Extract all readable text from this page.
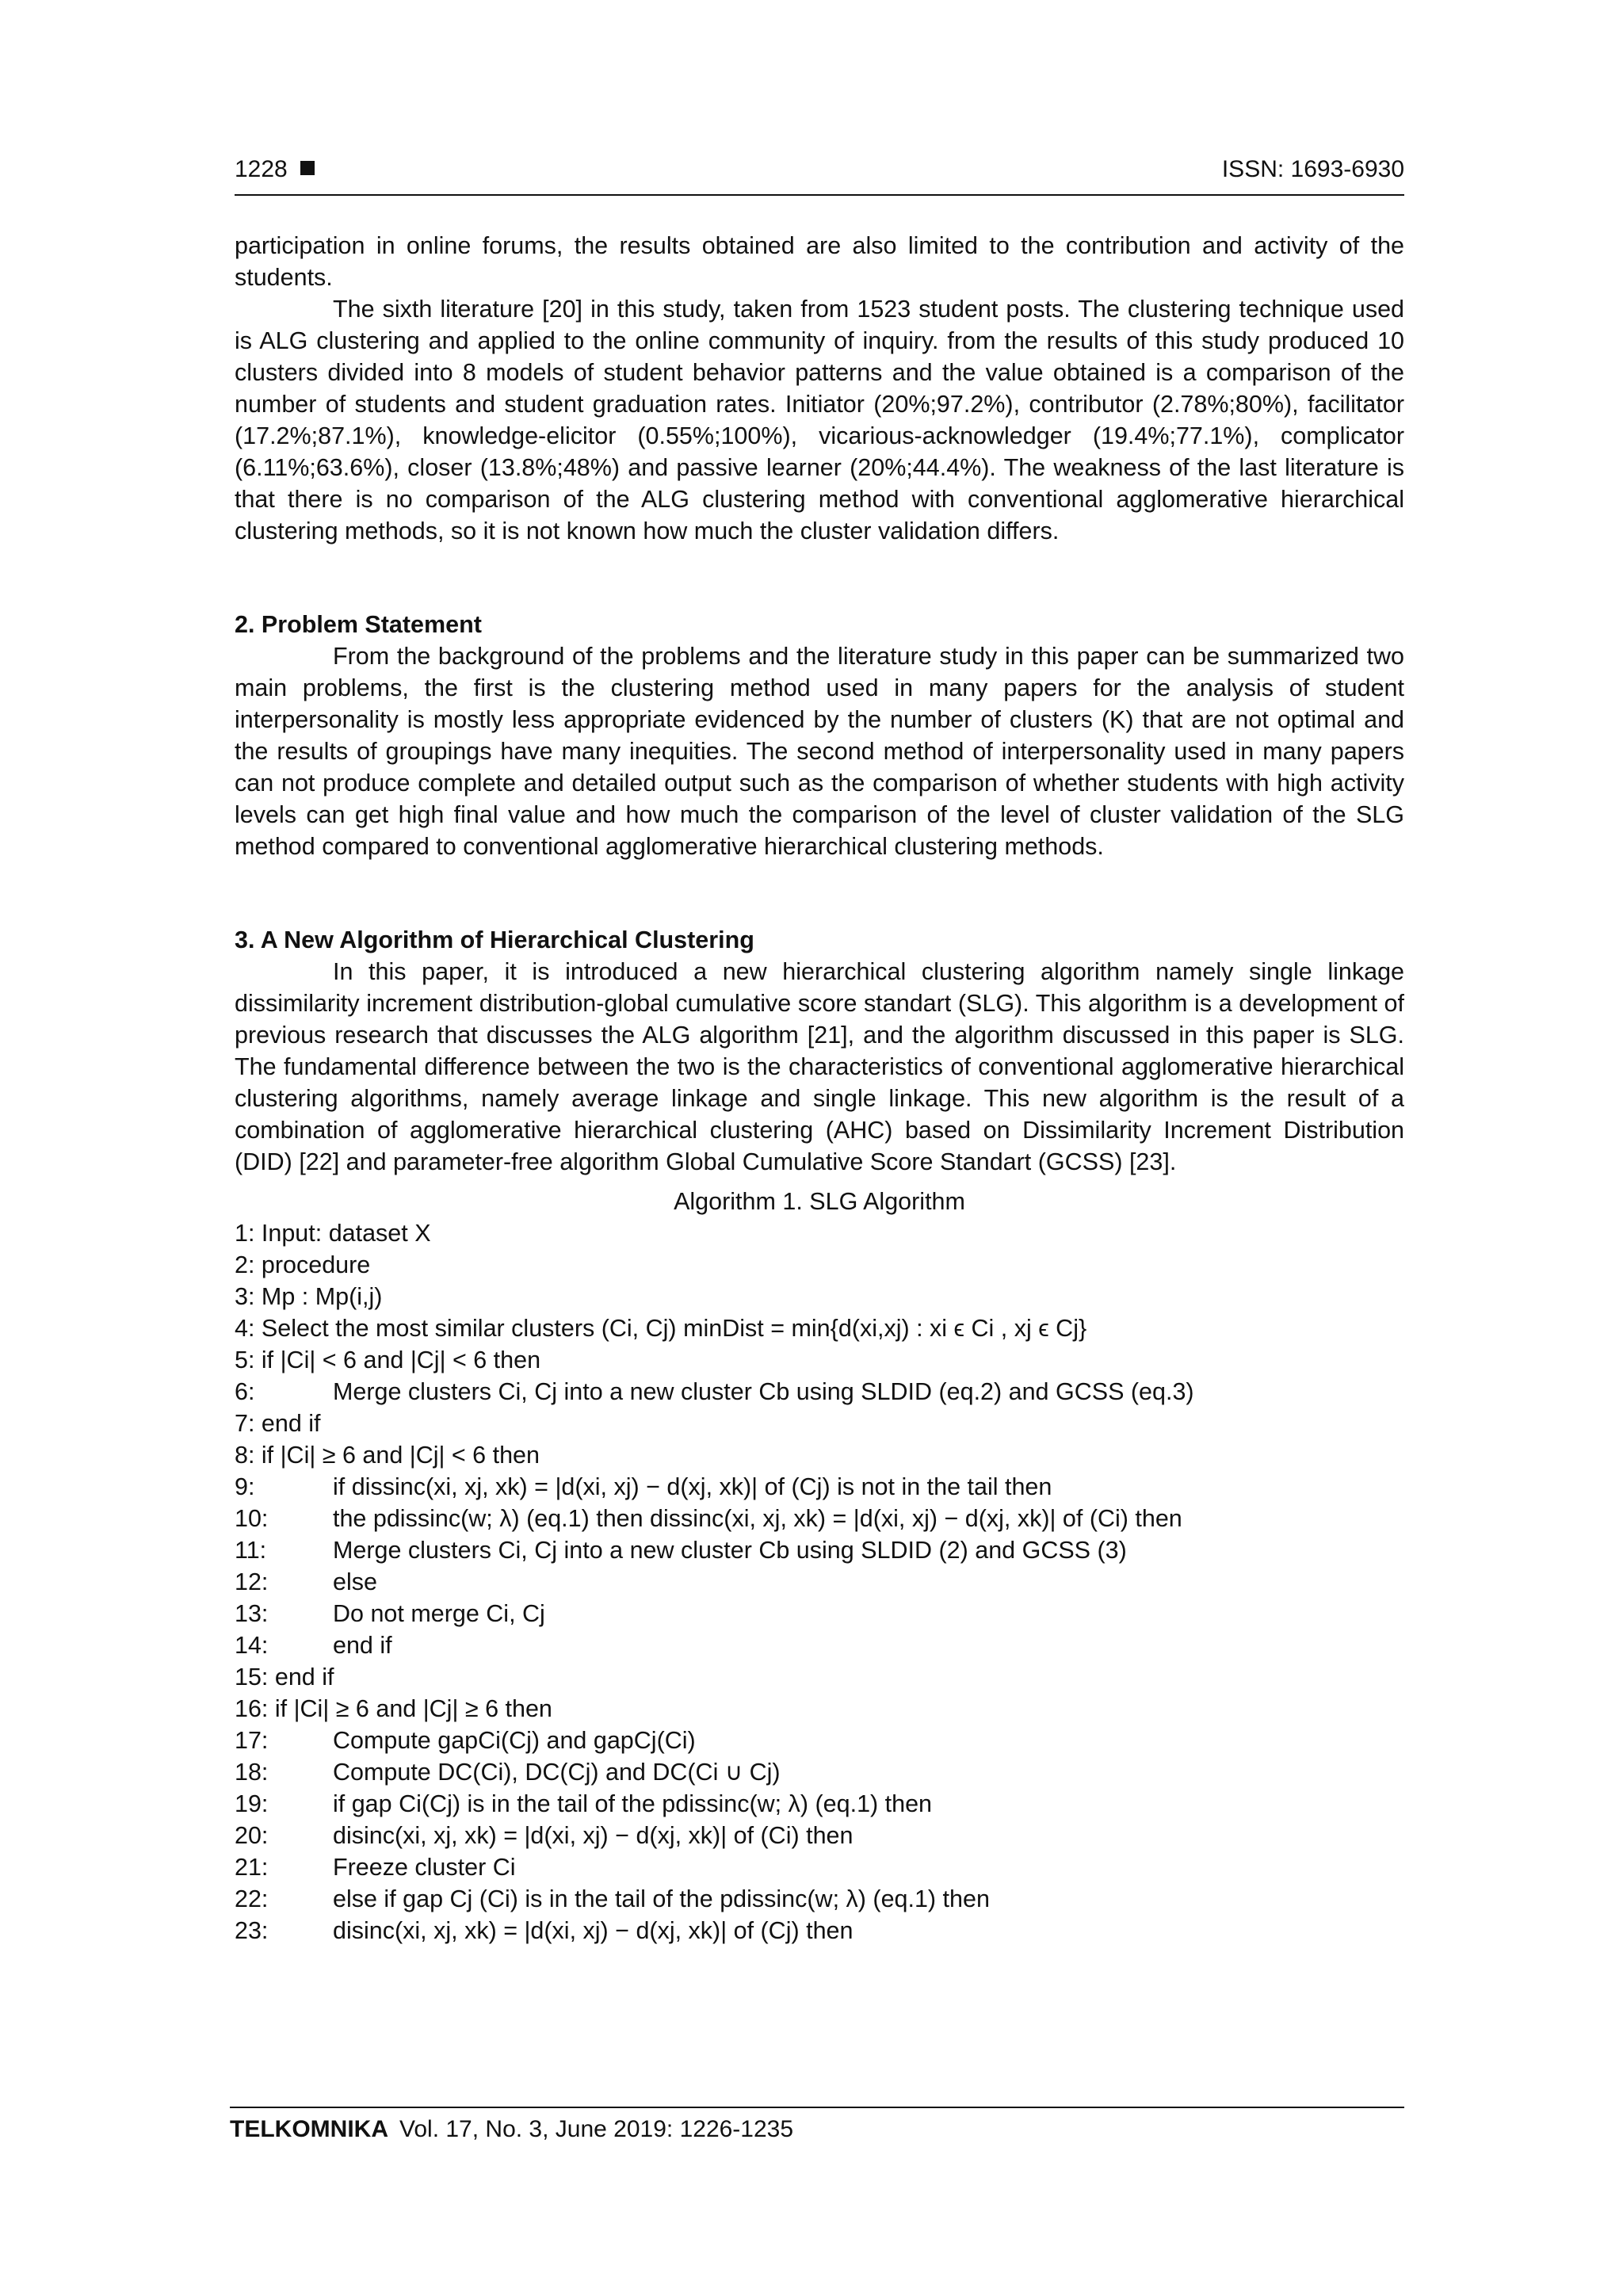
1228	ISSN: 1693-6930

participation in online forums, the results obtained are also limited to the contribution and activity of the students.

The sixth literature [20] in this study, taken from 1523 student posts. The clustering technique used is ALG clustering and applied to the online community of inquiry. from the results of this study produced 10 clusters divided into 8 models of student behavior patterns and the value obtained is a comparison of the number of students and student graduation rates. Initiator (20%;97.2%), contributor (2.78%;80%), facilitator (17.2%;87.1%), knowledge-elicitor (0.55%;100%), vicarious-acknowledger (19.4%;77.1%), complicator (6.11%;63.6%), closer (13.8%;48%) and passive learner (20%;44.4%). The weakness of the last literature is that there is no comparison of the ALG clustering method with conventional agglomerative hierarchical clustering methods, so it is not known how much the cluster validation differs.

2. Problem Statement

From the background of the problems and the literature study in this paper can be summarized two main problems, the first is the clustering method used in many papers for the analysis of student interpersonality is mostly less appropriate evidenced by the number of clusters (K) that are not optimal and the results of groupings have many inequities. The second method of interpersonality used in many papers can not produce complete and detailed output such as the comparison of whether students with high activity levels can get high final value and how much the comparison of the level of cluster validation of the SLG method compared to conventional agglomerative hierarchical clustering methods.

3. A New Algorithm of Hierarchical Clustering

In this paper, it is introduced a new hierarchical clustering algorithm namely single linkage dissimilarity increment distribution-global cumulative score standart (SLG). This algorithm is a development of previous research that discusses the ALG algorithm [21], and the algorithm discussed in this paper is SLG. The fundamental difference between the two is the characteristics of conventional agglomerative hierarchical clustering algorithms, namely average linkage and single linkage. This new algorithm is the result of a combination of agglomerative hierarchical clustering (AHC) based on Dissimilarity Increment Distribution (DID) [22] and parameter-free algorithm Global Cumulative Score Standart (GCSS) [23].

Algorithm 1. SLG Algorithm

1: Input: dataset X
2: procedure
3: Mp : Mp(i,j)
4: Select the most similar clusters (Ci, Cj) minDist = min{d(xi,xj) : xi ϵ Ci , xj ϵ Cj}
5: if |Ci| < 6 and |Cj| < 6 then
6:	Merge clusters Ci, Cj into a new cluster Cb using SLDID (eq.2) and GCSS (eq.3)
7: end if
8: if |Ci| ≥ 6 and |Cj| < 6 then
9:	if dissinc(xi, xj, xk) = |d(xi, xj) − d(xj, xk)| of (Cj) is not in the tail then
10:	the pdissinc(w; λ) (eq.1) then dissinc(xi, xj, xk) = |d(xi, xj) − d(xj, xk)| of (Ci) then
11:	Merge clusters Ci, Cj into a new cluster Cb using SLDID (2) and GCSS (3)
12:	else
13:	Do not merge Ci, Cj
14:	end if
15: end if
16: if |Ci| ≥ 6 and |Cj| ≥ 6 then
17:	Compute gapCi(Cj) and gapCj(Ci)
18:	Compute DC(Ci), DC(Cj) and DC(Ci ∪ Cj)
19:	if gap Ci(Cj) is in the tail of the pdissinc(w; λ) (eq.1) then
20:	disinc(xi, xj, xk) = |d(xi, xj) − d(xj, xk)| of (Ci) then
21:	Freeze cluster Ci
22:	else if gap Cj (Ci) is in the tail of the pdissinc(w; λ) (eq.1) then
23:	disinc(xi, xj, xk) = |d(xi, xj) − d(xj, xk)| of (Cj) then
TELKOMNIKA Vol. 17, No. 3, June 2019: 1226-1235
